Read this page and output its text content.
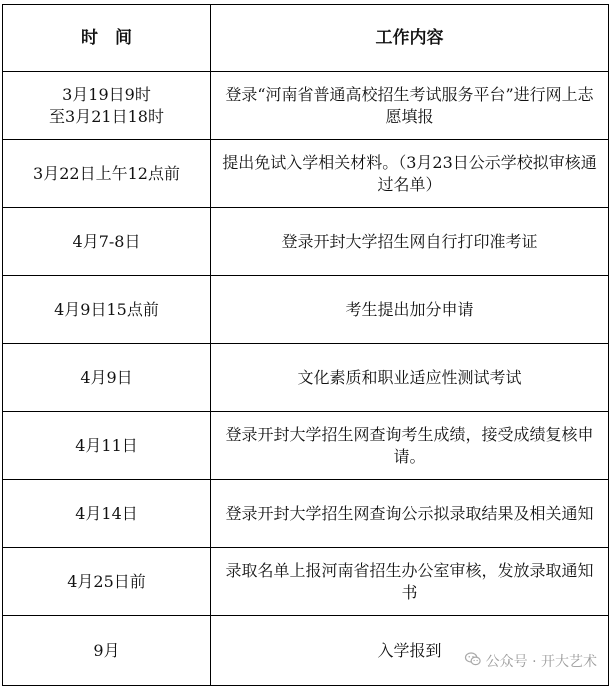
时　间	工作内容

3月19日9时
至3月21日18时	登录“河南省普通高校招生考试服务平台”进行网上志愿填报

3月22日上午12点前	提出免试入学相关材料。（3月23日公示学校拟审核通过名单）

4月7-8日	登录开封大学招生网自行打印准考证

4月9日15点前	考生提出加分申请

4月9日	文化素质和职业适应性测试考试

4月11日	登录开封大学招生网查询考生成绩，接受成绩复核申请。

4月14日	登录开封大学招生网查询公示拟录取结果及相关通知

4月25日前	录取名单上报河南省招生办公室审核，发放录取通知书

9月	入学报到
公众号 · 开大艺术
